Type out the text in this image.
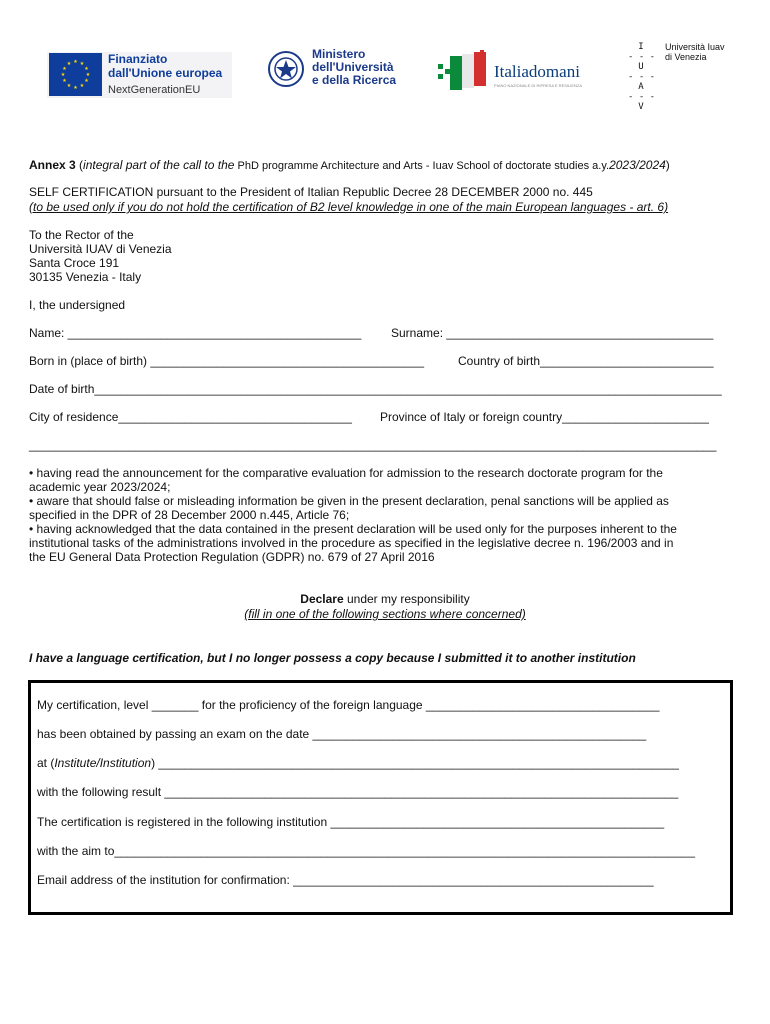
★ ★
★
★
★
★
★
★
★
★
★
★	Finanziato
dall'Unione europea
NextGenerationEU
Ministero
dell'Università
e della Ricerca	Italiadomani
PIANO NAZIONALE DI RIPRESA E RESILIENZA
I
- - -
U
- - -
A
- - -
V
Università Iuav
di Venezia
Annex 3 (integral part of the call to the PhD programme Architecture and Arts - Iuav School of doctorate studies a.y.2023/2024)
SELF CERTIFICATION pursuant to the President of Italian Republic Decree 28 DECEMBER 2000 no. 445
(to be used only if you do not hold the certification of B2 level knowledge in one of the main European languages - art. 6)
To the Rector of the
Università IUAV di Venezia
Santa Croce 191
30135 Venezia - Italy
I, the undersigned
Name: ____________________________________________ Surname: ________________________________________
Born in (place of birth) _________________________________________	Country of birth__________________________
Date of birth______________________________________________________________________________________________
City of residence___________________________________ Province of Italy or foreign country______________________
_______________________________________________________________________________________________________
• having read the announcement for the comparative evaluation for admission to the research doctorate program for the
academic year 2023/2024;
• aware that should false or misleading information be given in the present declaration, penal sanctions will be applied as
specified in the DPR of 28 December 2000 n.445, Article 76;
• having acknowledged that the data contained in the present declaration will be used only for the purposes inherent to the
institutional tasks of the administrations involved in the procedure as specified in the legislative decree n. 196/2003 and in
the EU General Data Protection Regulation (GDPR) no. 679 of 27 April 2016
Declare under my responsibility
(fill in one of the following sections where concerned)
I have a language certification, but I no longer possess a copy because I submitted it to another institution
My certification, level _______ for the proficiency of the foreign language ___________________________________
has been obtained by passing an exam on the date __________________________________________________
at (Institute/Institution) ______________________________________________________________________________
with the following result _____________________________________________________________________________
The certification is registered in the following institution __________________________________________________
with the aim to_______________________________________________________________________________________
Email address of the institution for confirmation: ______________________________________________________
